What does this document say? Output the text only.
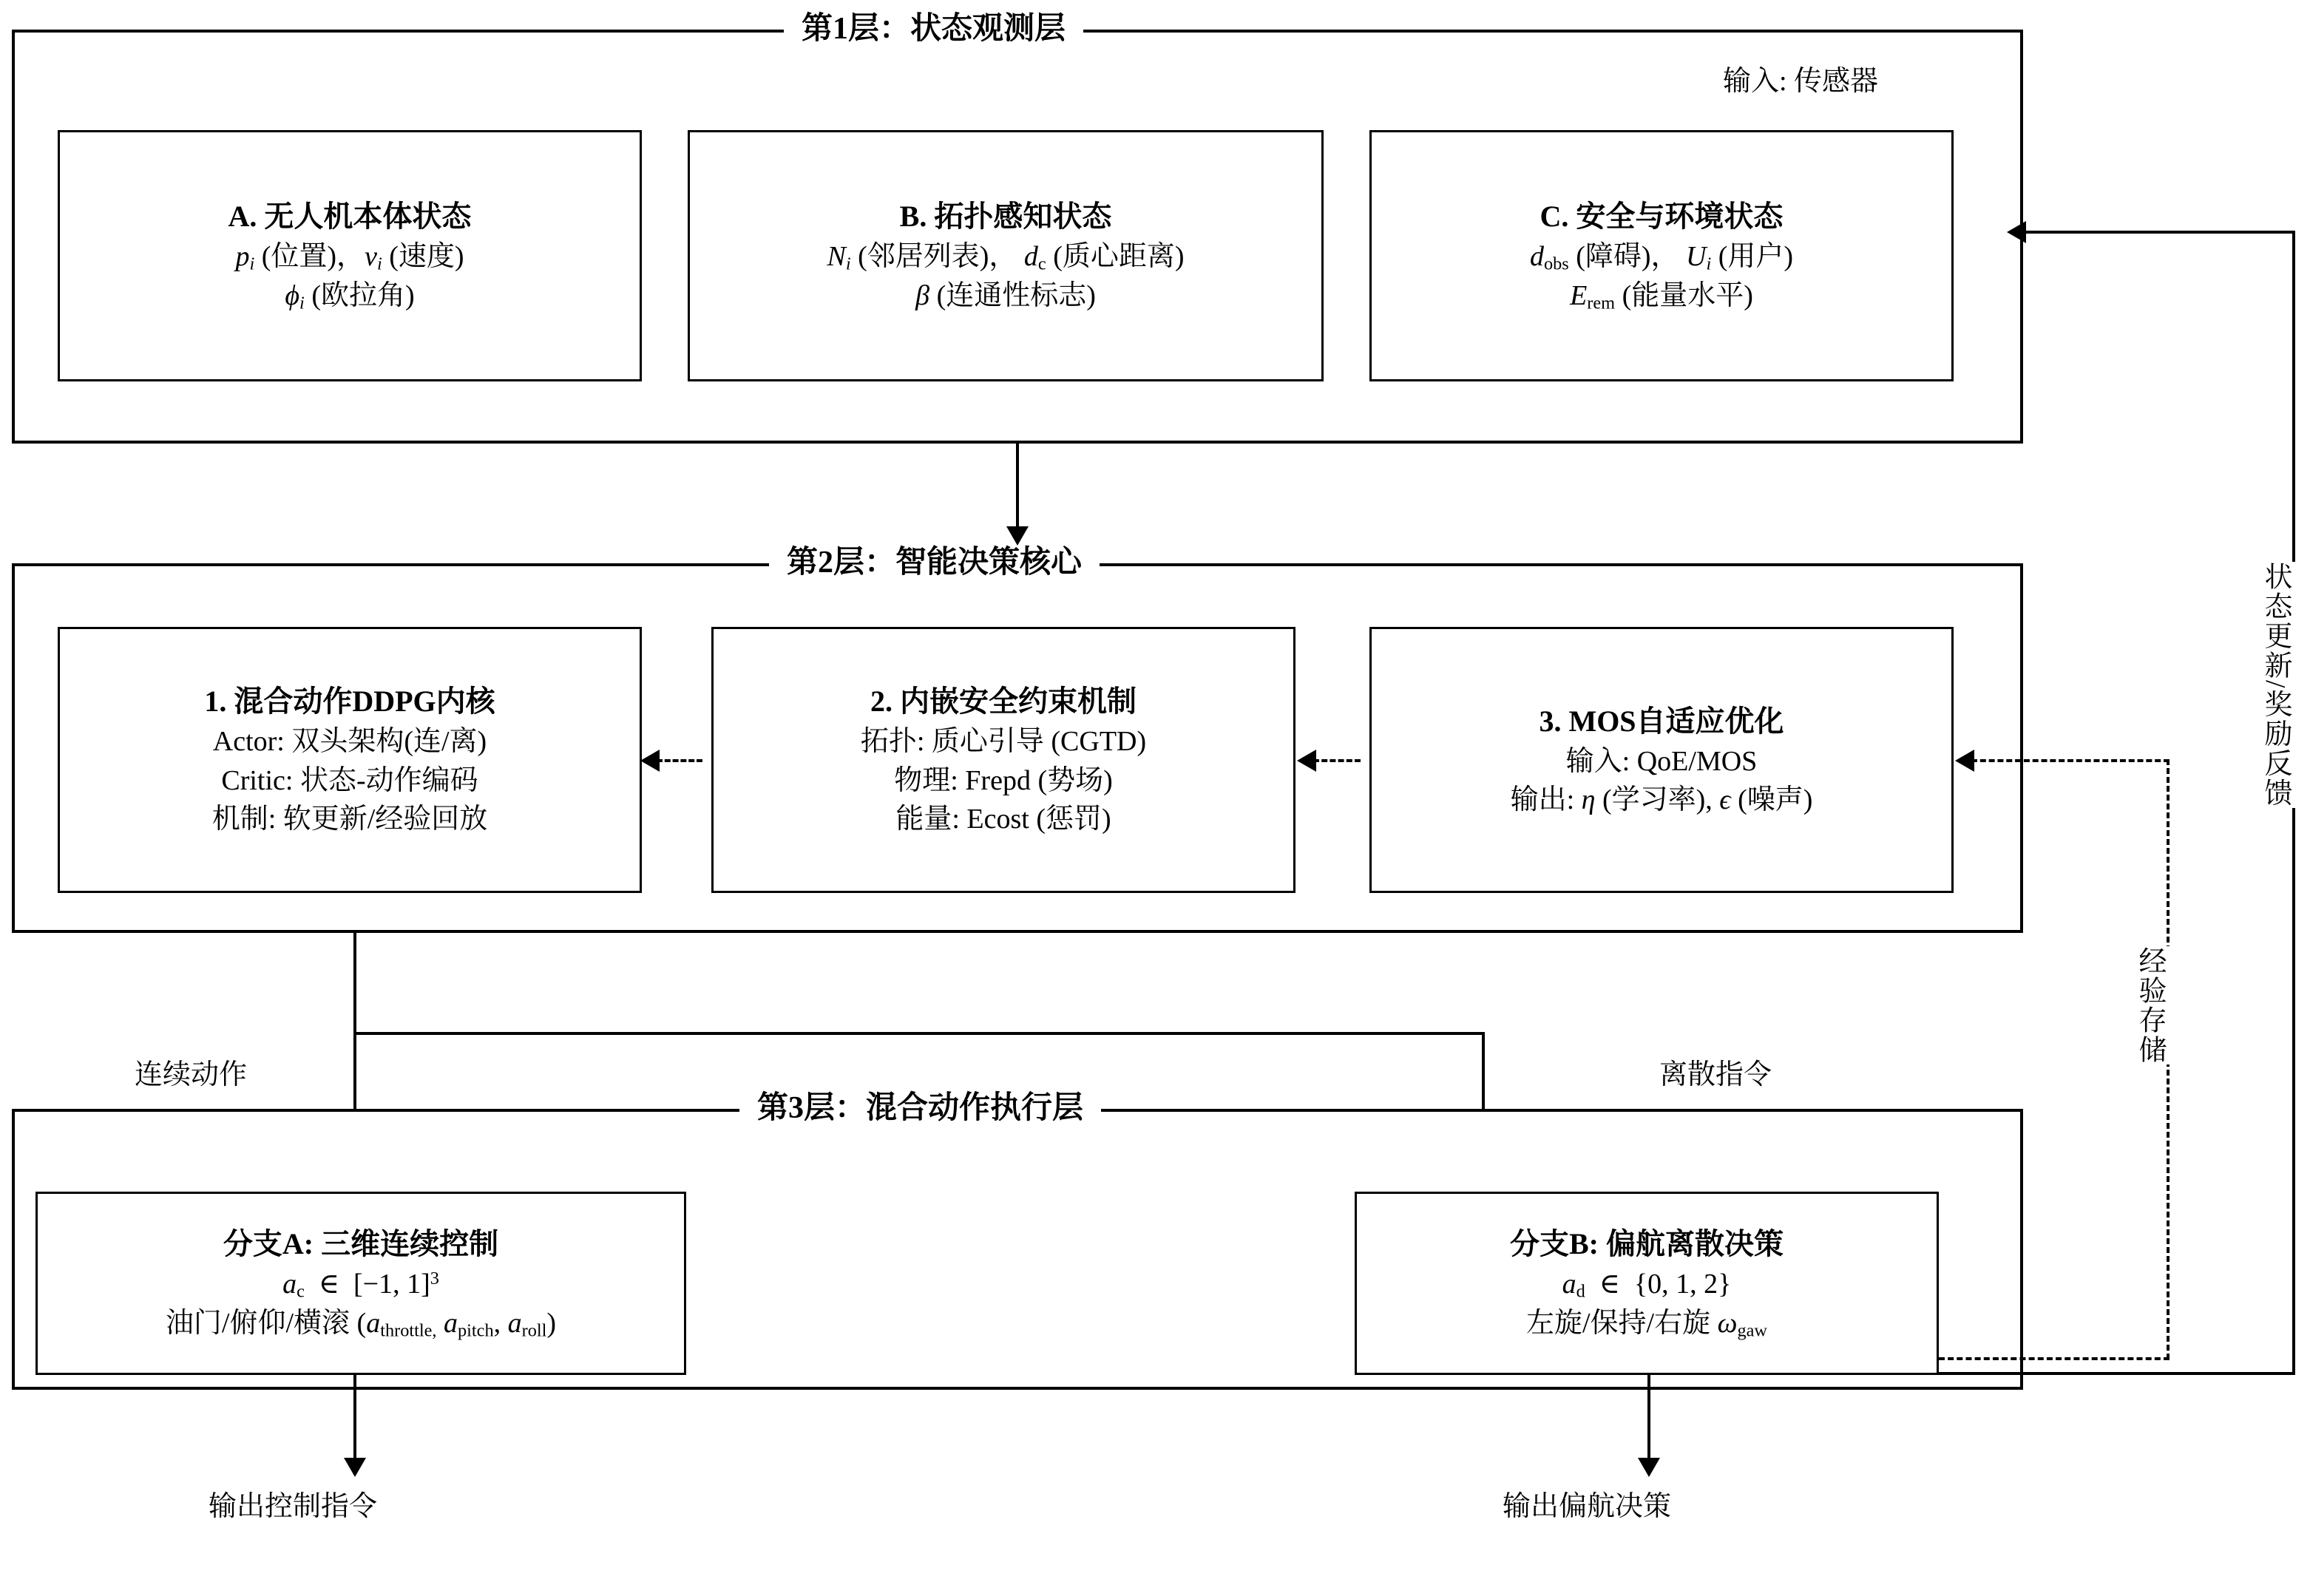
第1层：状态观测层
输入: 传感器
A. 无人机本体状态
$p_i$ (位置)，$v_i$ (速度)
$\phi_i$ (欧拉角)
B. 拓扑感知状态
$N_i$ (邻居列表)， $d_c$ (质心距离)
β (连通性标志)
C. 安全与环境状态
$d_{obs}$ (障碍)， $U_i$ (用户)
$E_{rem}$ (能量水平)
第2层：智能决策核心
1. 混合动作DDPG内核
Actor: 双头架构(连/离)
Critic: 状态-动作编码
机制: 软更新/经验回放
2. 内嵌安全约束机制
拓扑: 质心引导 (CGTD)
物理: Frepd (势场)
能量: Ecost (惩罚)
3. MOS自适应优化
输入: QoE/MOS
输出: η (学习率), ϵ (噪声)
连续动作	离散指令
第3层：混合动作执行层
分支A: 三维连续控制
$a_c$  ∈  [−1, 1]$^3$
油门/俯仰/横滚 ($a_{throttle,}$ $a_{pitch}$, $a_{roll}$)
分支B: 偏航离散决策
$a_d$  ∈  {0, 1, 2}
左旋/保持/右旋 $\omega_{gaw}$
输出控制指令	输出偏航决策
状态更新/奖励反馈
经验存储
